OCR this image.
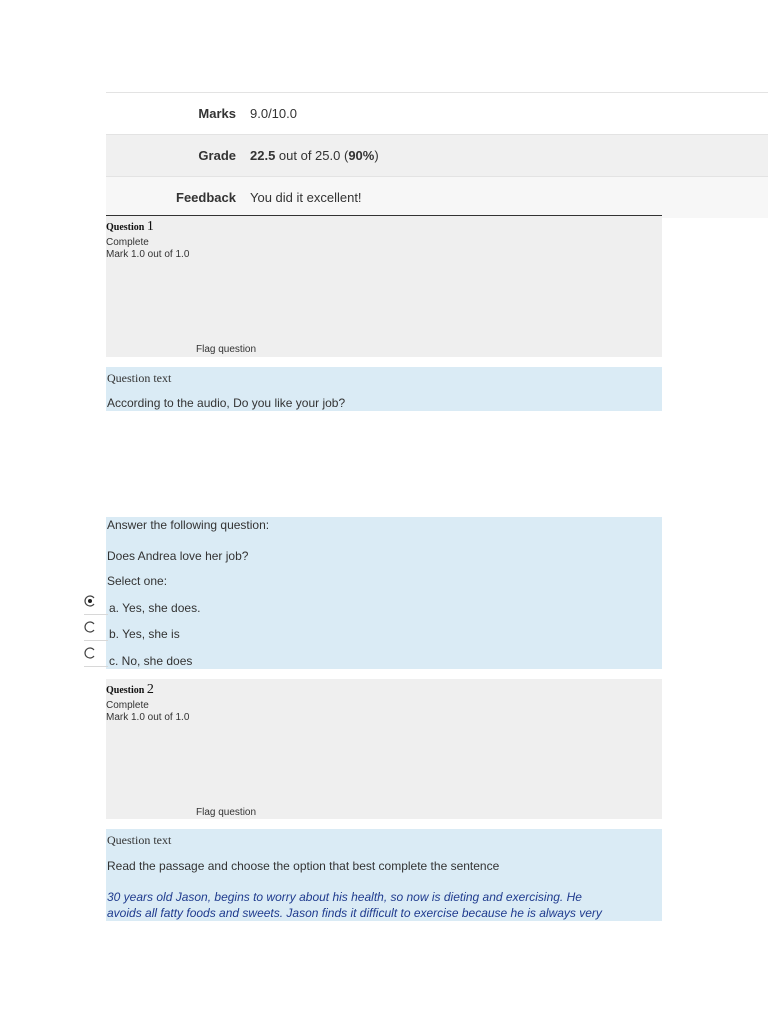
Marks	9.0/10.0
Grade	22.5 out of 25.0 (90%)
Feedback	You did it excellent!
Question 1
Complete
Mark 1.0 out of 1.0
Flag question
Question text
According to the audio, Do you like your job?
Answer the following question:
Does Andrea love her job?
Select one:
a. Yes, she does.
b. Yes, she is
c. No, she does
Question 2
Complete
Mark 1.0 out of 1.0
Flag question
Question text
Read the passage and choose the option that best complete the sentence
30 years old Jason, begins to worry about his health, so now is dieting and exercising. He
avoids all fatty foods and sweets. Jason finds it difficult to exercise because he is always very
